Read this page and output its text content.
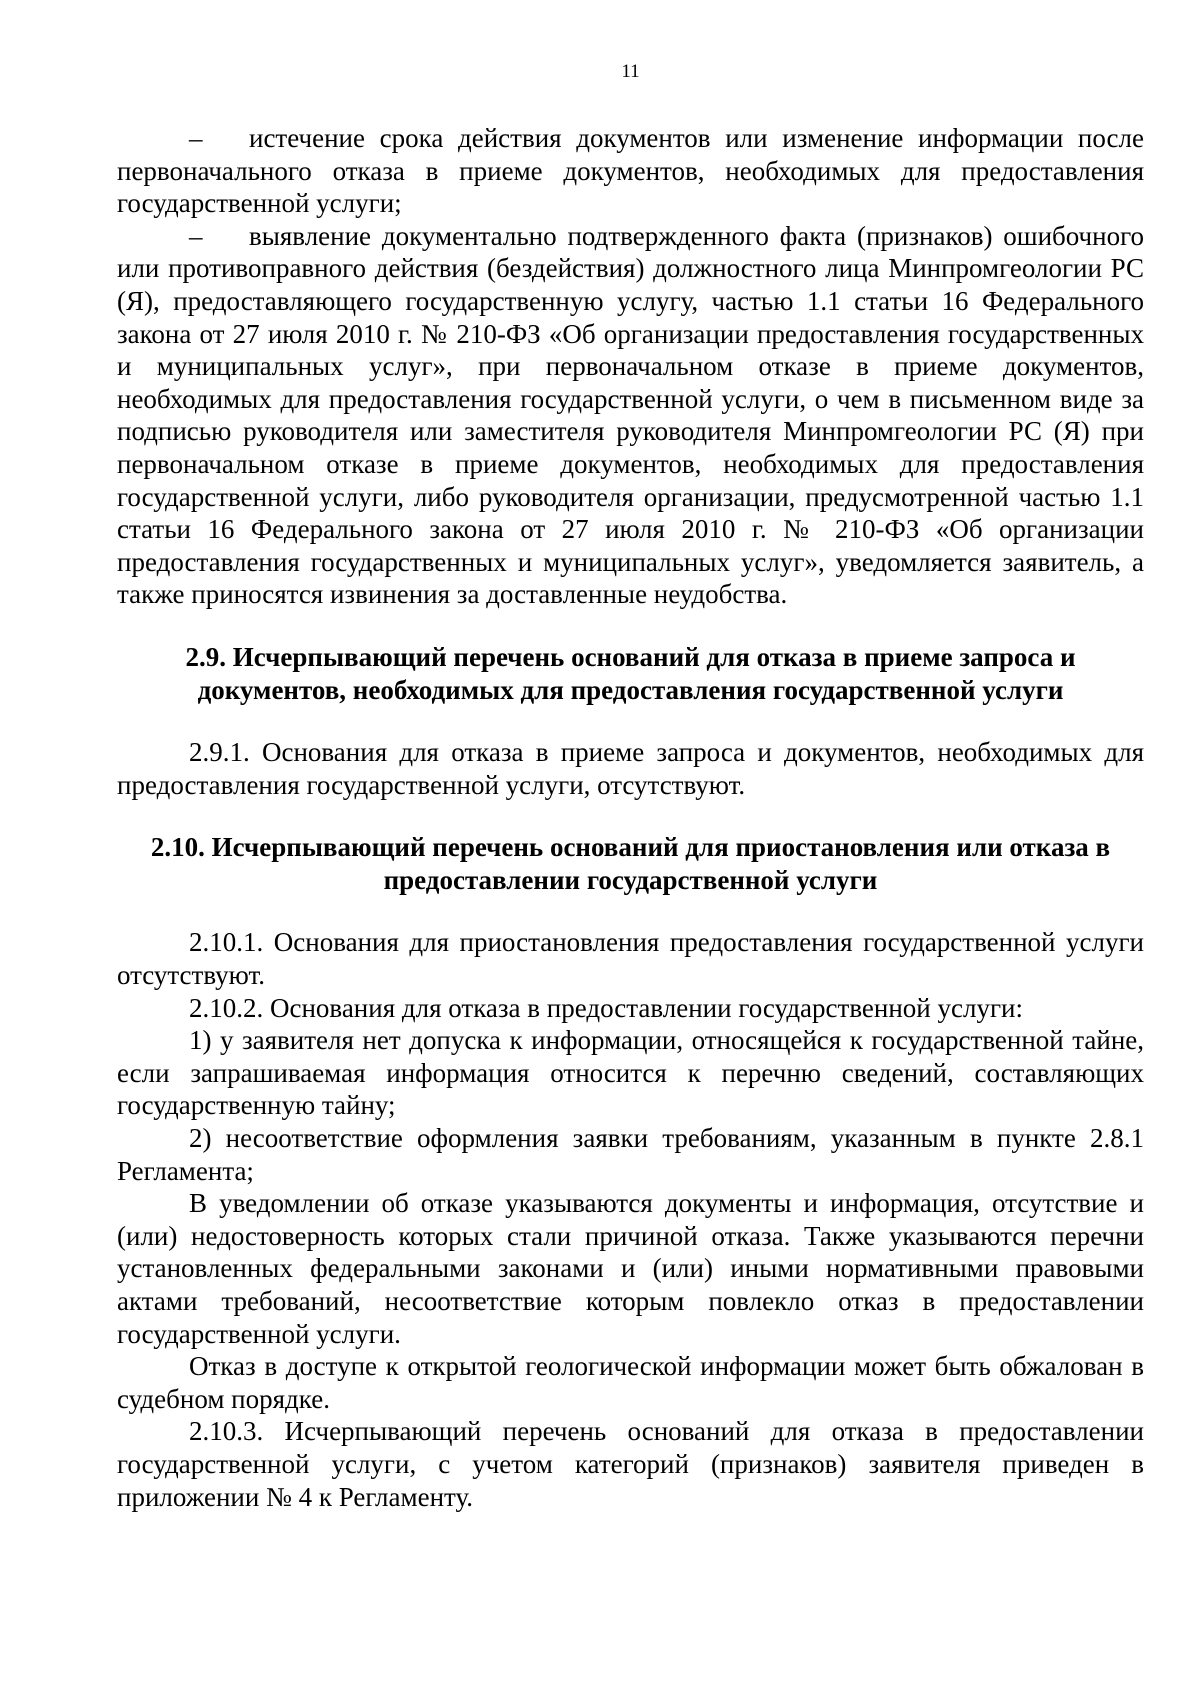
11

– истечение срока действия документов или изменение информации после первоначального отказа в приеме документов, необходимых для предоставления государственной услуги;

– выявление документально подтвержденного факта (признаков) ошибочного или противоправного действия (бездействия) должностного лица Минпромгеологии РС (Я), предоставляющего государственную услугу, частью 1.1 статьи 16 Федерального закона от 27 июля 2010 г. № 210-ФЗ «Об организации предоставления государственных и муниципальных услуг», при первоначальном отказе в приеме документов, необходимых для предоставления государственной услуги, о чем в письменном виде за подписью руководителя или заместителя руководителя Минпромгеологии РС (Я) при первоначальном отказе в приеме документов, необходимых для предоставления государственной услуги, либо руководителя организации, предусмотренной частью 1.1 статьи 16 Федерального закона от 27 июля 2010 г. № 210-ФЗ «Об организации предоставления государственных и муниципальных услуг», уведомляется заявитель, а также приносятся извинения за доставленные неудобства.

2.9. Исчерпывающий перечень оснований для отказа в приеме запроса и
документов, необходимых для предоставления государственной услуги

2.9.1. Основания для отказа в приеме запроса и документов, необходимых для предоставления государственной услуги, отсутствуют.

2.10. Исчерпывающий перечень оснований для приостановления или отказа в
предоставлении государственной услуги

2.10.1. Основания для приостановления предоставления государственной услуги отсутствуют.

2.10.2. Основания для отказа в предоставлении государственной услуги:

1) у заявителя нет допуска к информации, относящейся к государственной тайне, если запрашиваемая информация относится к перечню сведений, составляющих государственную тайну;

2) несоответствие оформления заявки требованиям, указанным в пункте 2.8.1 Регламента;

В уведомлении об отказе указываются документы и информация, отсутствие и (или) недостоверность которых стали причиной отказа. Также указываются перечни установленных федеральными законами и (или) иными нормативными правовыми актами требований, несоответствие которым повлекло отказ в предоставлении государственной услуги.

Отказ в доступе к открытой геологической информации может быть обжалован в судебном порядке.

2.10.3. Исчерпывающий перечень оснований для отказа в предоставлении государственной услуги, с учетом категорий (признаков) заявителя приведен в приложении № 4 к Регламенту.
